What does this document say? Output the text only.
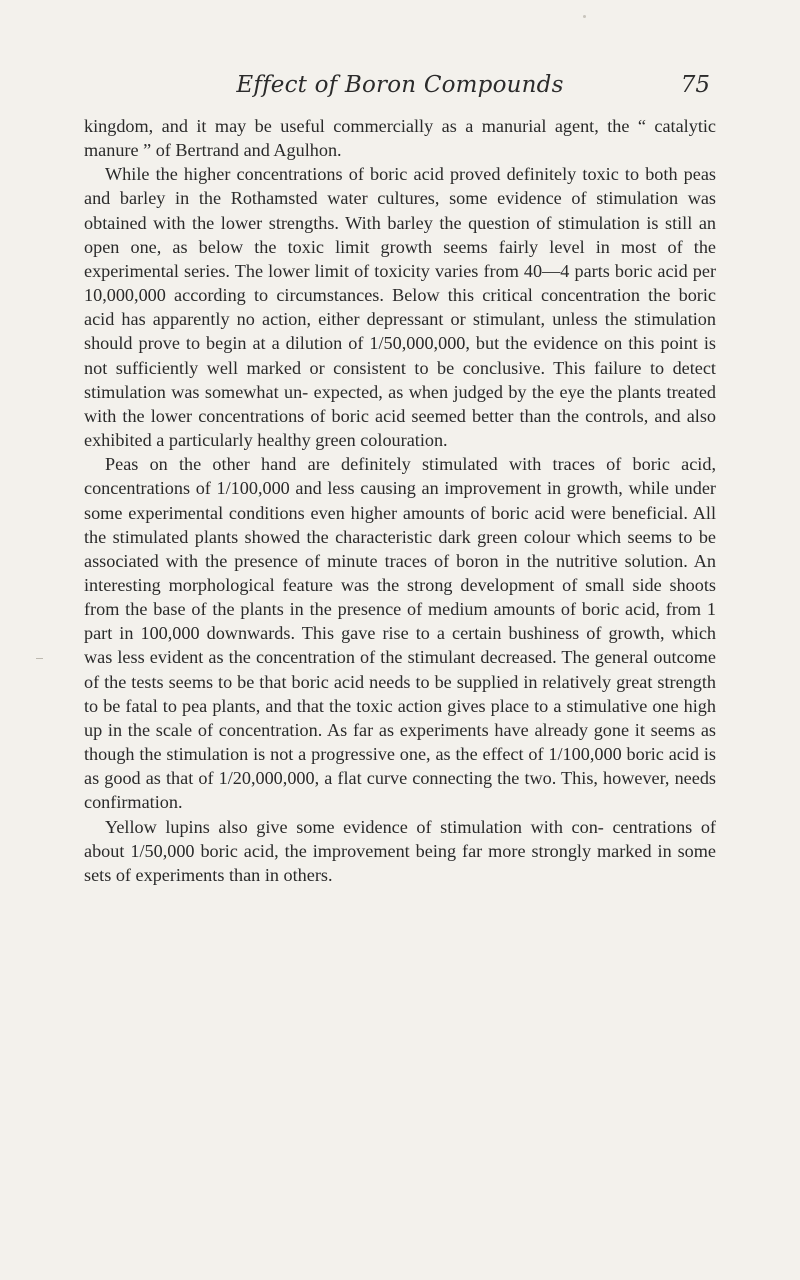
Effect of Boron Compounds	75

kingdom, and it may be useful commercially as a manurial agent, the “ catalytic manure ” of Bertrand and Agulhon.

While the higher concentrations of boric acid proved definitely toxic to both peas and barley in the Rothamsted water cultures, some evidence of stimulation was obtained with the lower strengths. With barley the question of stimulation is still an open one, as below the toxic limit growth seems fairly level in most of the experimental series. The lower limit of toxicity varies from 40—4 parts boric acid per 10,000,000 according to circumstances. Below this critical concentration the boric acid has apparently no action, either depressant or stimulant, unless the stimulation should prove to begin at a dilution of 1/50,000,000, but the evidence on this point is not sufficiently well marked or consistent to be conclusive. This failure to detect stimulation was somewhat un- expected, as when judged by the eye the plants treated with the lower concentrations of boric acid seemed better than the controls, and also exhibited a particularly healthy green colouration.

Peas on the other hand are definitely stimulated with traces of boric acid, concentrations of 1/100,000 and less causing an improvement in growth, while under some experimental conditions even higher amounts of boric acid were beneficial. All the stimulated plants showed the characteristic dark green colour which seems to be associated with the presence of minute traces of boron in the nutritive solution. An interesting morphological feature was the strong development of small side shoots from the base of the plants in the presence of medium amounts of boric acid, from 1 part in 100,000 downwards. This gave rise to a certain bushiness of growth, which was less evident as the concentration of the stimulant decreased. The general outcome of the tests seems to be that boric acid needs to be supplied in relatively great strength to be fatal to pea plants, and that the toxic action gives place to a stimulative one high up in the scale of concentration. As far as experiments have already gone it seems as though the stimulation is not a progressive one, as the effect of 1/100,000 boric acid is as good as that of 1/20,000,000, a flat curve connecting the two. This, however, needs confirmation.

Yellow lupins also give some evidence of stimulation with con- centrations of about 1/50,000 boric acid, the improvement being far more strongly marked in some sets of experiments than in others.
